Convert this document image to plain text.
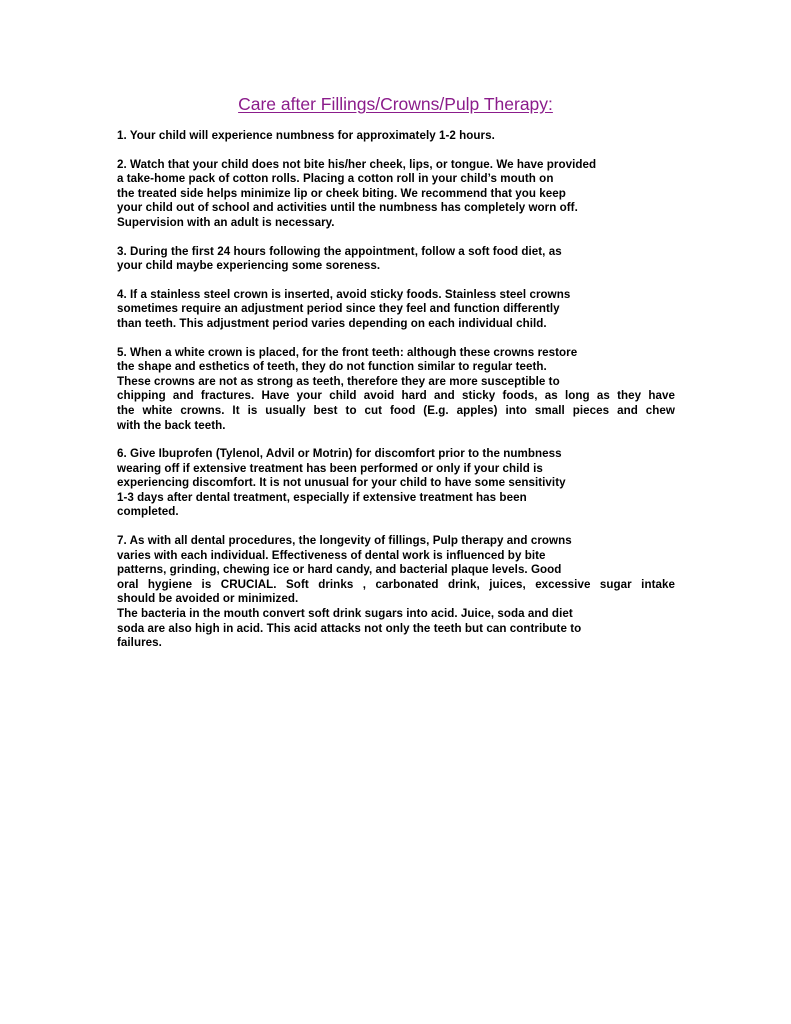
Care after Fillings/Crowns/Pulp Therapy:
1. Your child will experience numbness for approximately 1-2 hours.
2. Watch that your child does not bite his/her cheek, lips, or tongue. We have provided
a take-home pack of cotton rolls. Placing a cotton roll in your child’s mouth on
the treated side helps minimize lip or cheek biting. We recommend that you keep
your child out of school and activities until the numbness has completely worn off.
Supervision with an adult is necessary.
3. During the first 24 hours following the appointment, follow a soft food diet, as
your child maybe experiencing some soreness.
4. If a stainless steel crown is inserted, avoid sticky foods. Stainless steel crowns
sometimes require an adjustment period since they feel and function differently
than teeth. This adjustment period varies depending on each individual child.
5. When a white crown is placed, for the front teeth: although these crowns restore
the shape and esthetics of teeth, they do not function similar to regular teeth.
These crowns are not as strong as teeth, therefore they are more susceptible to
chipping and fractures. Have your child avoid hard and sticky foods, as long as they have
the white crowns. It is usually best to cut food (E.g. apples) into small pieces and chew
with the back teeth.
6. Give Ibuprofen (Tylenol, Advil or Motrin) for discomfort prior to the numbness
wearing off if extensive treatment has been performed or only if your child is
experiencing discomfort. It is not unusual for your child to have some sensitivity
1-3 days after dental treatment, especially if extensive treatment has been
completed.
7. As with all dental procedures, the longevity of fillings, Pulp therapy and crowns
varies with each individual. Effectiveness of dental work is influenced by bite
patterns, grinding, chewing ice or hard candy, and bacterial plaque levels. Good
oral hygiene is CRUCIAL. Soft drinks , carbonated drink, juices, excessive sugar intake
should be avoided or minimized.
The bacteria in the mouth convert soft drink sugars into acid. Juice, soda and diet
soda are also high in acid. This acid attacks not only the teeth but can contribute to
failures.
